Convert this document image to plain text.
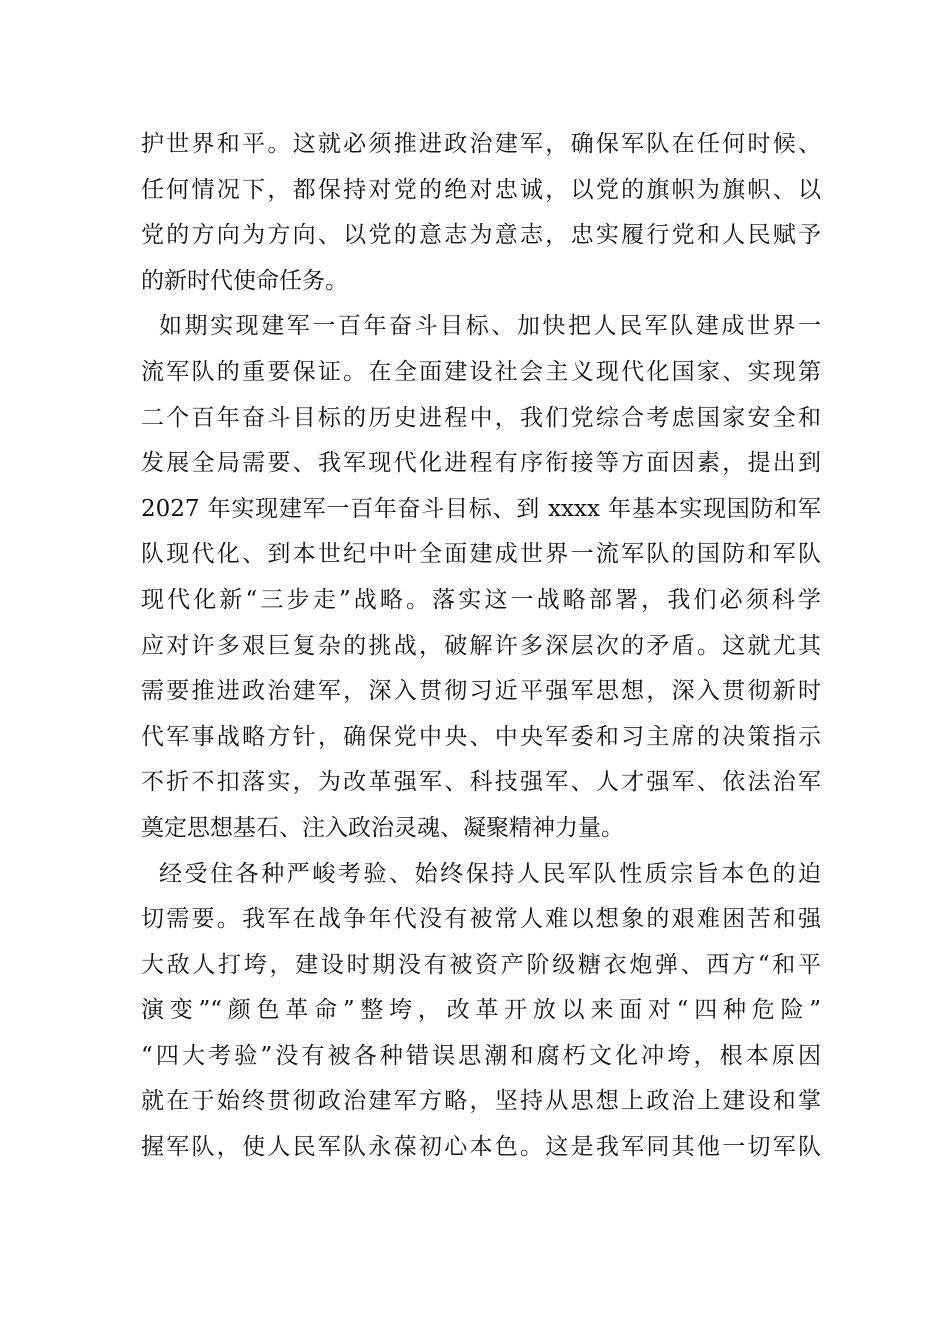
护世界和平。这就必须推进政治建军，确保军队在任何时候、
任何情况下，都保持对党的绝对忠诚，以党的旗帜为旗帜、以
党的方向为方向、以党的意志为意志，忠实履行党和人民赋予
的新时代使命任务。
如期实现建军一百年奋斗目标、加快把人民军队建成世界一
流军队的重要保证。在全面建设社会主义现代化国家、实现第
二个百年奋斗目标的历史进程中，我们党综合考虑国家安全和
发展全局需要、我军现代化进程有序衔接等方面因素，提出到
2027 年实现建军一百年奋斗目标、到 xxxx 年基本实现国防和军
队现代化、到本世纪中叶全面建成世界一流军队的国防和军队
现代化新“三步走”战略。落实这一战略部署，我们必须科学
应对许多艰巨复杂的挑战，破解许多深层次的矛盾。这就尤其
需要推进政治建军，深入贯彻习近平强军思想，深入贯彻新时
代军事战略方针，确保党中央、中央军委和习主席的决策指示
不折不扣落实，为改革强军、科技强军、人才强军、依法治军
奠定思想基石、注入政治灵魂、凝聚精神力量。
经受住各种严峻考验、始终保持人民军队性质宗旨本色的迫
切需要。我军在战争年代没有被常人难以想象的艰难困苦和强
大敌人打垮，建设时期没有被资产阶级糖衣炮弹、西方“和平
演变”“颜色革命”整垮，改革开放以来面对“四种危险”
“四大考验”没有被各种错误思潮和腐朽文化冲垮，根本原因
就在于始终贯彻政治建军方略，坚持从思想上政治上建设和掌
握军队，使人民军队永葆初心本色。这是我军同其他一切军队
